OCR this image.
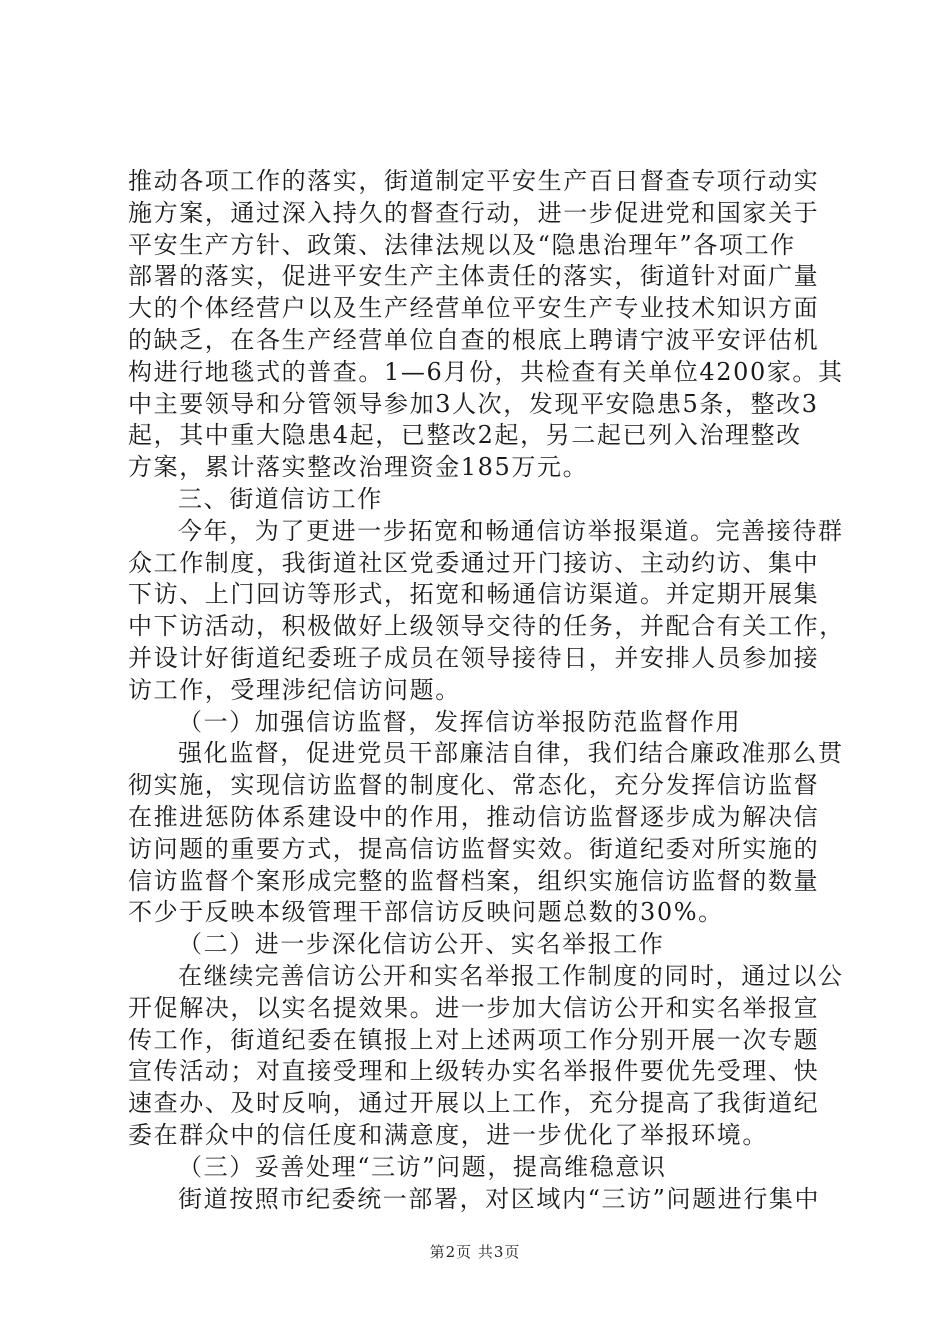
推动各项工作的落实，街道制定平安生产百日督查专项行动实
施方案，通过深入持久的督查行动，进一步促进党和国家关于
平安生产方针、政策、法律法规以及“隐患治理年”各项工作
部署的落实，促进平安生产主体责任的落实，街道针对面广量
大的个体经营户以及生产经营单位平安生产专业技术知识方面
的缺乏，在各生产经营单位自查的根底上聘请宁波平安评估机
构进行地毯式的普查。1—6月份，共检查有关单位4200家。其
中主要领导和分管领导参加3人次，发现平安隐患5条，整改3
起，其中重大隐患4起，已整改2起，另二起已列入治理整改
方案，累计落实整改治理资金185万元。
三、街道信访工作
今年，为了更进一步拓宽和畅通信访举报渠道。完善接待群
众工作制度，我街道社区党委通过开门接访、主动约访、集中
下访、上门回访等形式，拓宽和畅通信访渠道。并定期开展集
中下访活动，积极做好上级领导交待的任务，并配合有关工作，
并设计好街道纪委班子成员在领导接待日，并安排人员参加接
访工作，受理涉纪信访问题。
（一）加强信访监督，发挥信访举报防范监督作用
强化监督，促进党员干部廉洁自律，我们结合廉政准那么贯
彻实施，实现信访监督的制度化、常态化，充分发挥信访监督
在推进惩防体系建设中的作用，推动信访监督逐步成为解决信
访问题的重要方式，提高信访监督实效。街道纪委对所实施的
信访监督个案形成完整的监督档案，组织实施信访监督的数量
不少于反映本级管理干部信访反映问题总数的30%。
（二）进一步深化信访公开、实名举报工作
在继续完善信访公开和实名举报工作制度的同时，通过以公
开促解决，以实名提效果。进一步加大信访公开和实名举报宣
传工作，街道纪委在镇报上对上述两项工作分别开展一次专题
宣传活动；对直接受理和上级转办实名举报件要优先受理、快
速查办、及时反响，通过开展以上工作，充分提高了我街道纪
委在群众中的信任度和满意度，进一步优化了举报环境。
（三）妥善处理“三访”问题，提高维稳意识
街道按照市纪委统一部署，对区域内“三访”问题进行集中
第2页 共3页
